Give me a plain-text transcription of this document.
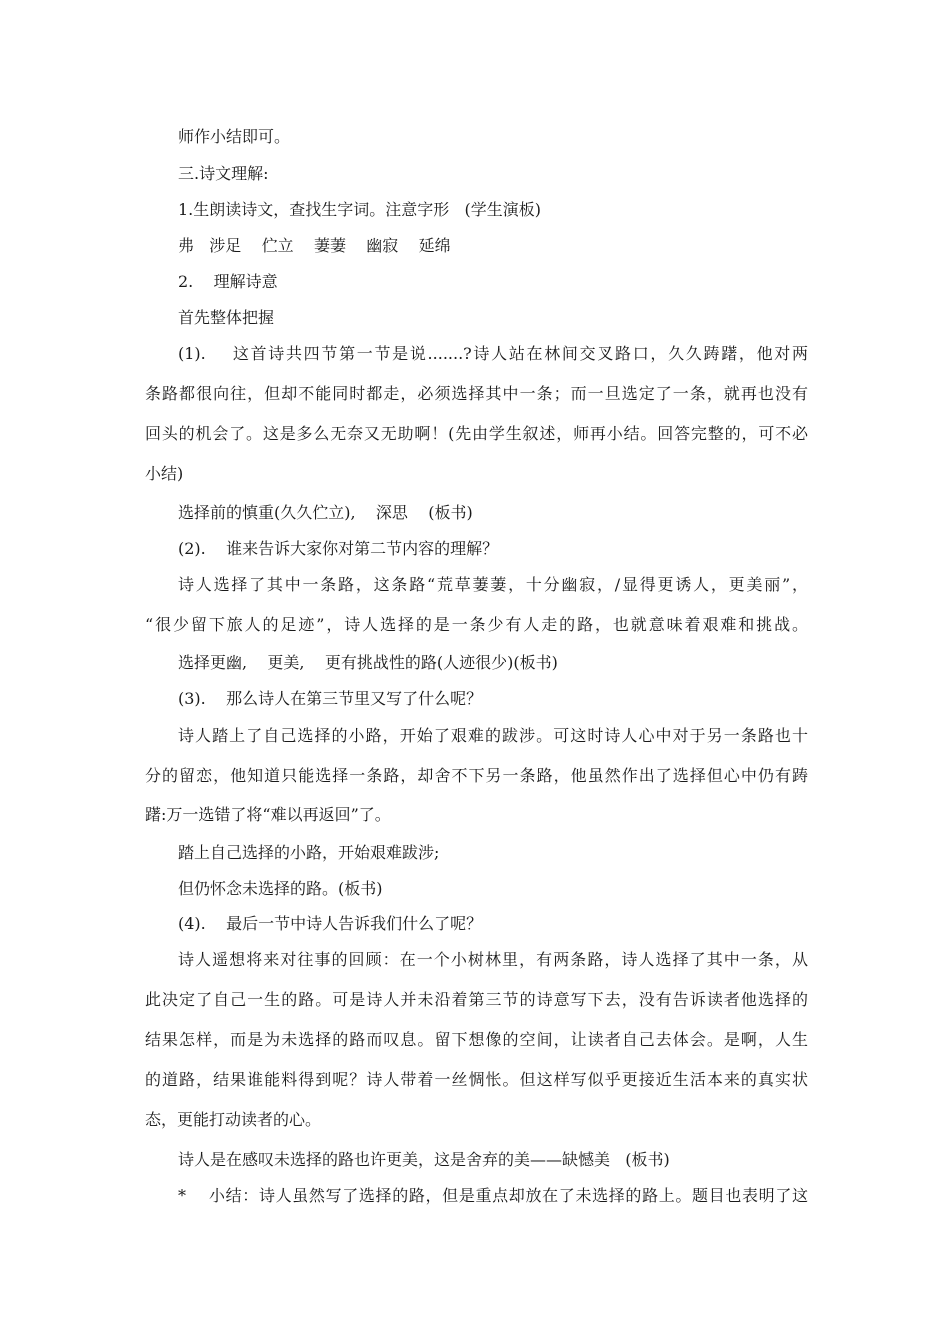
师作小结即可。
三.诗文理解:
1.生朗读诗文，查找生字词。注意字形   (学生演板)
弗   涉足    伫立    萋萋    幽寂    延绵
2.    理解诗意
首先整体把握
(1).    这首诗共四节第一节是说.......?诗人站在林间交叉路口，久久踌躇，他对两
条路都很向往，但却不能同时都走，必须选择其中一条；而一旦选定了一条，就再也没有
回头的机会了。这是多么无奈又无助啊！(先由学生叙述，师再小结。回答完整的，可不必
小结)
选择前的慎重(久久伫立),    深思    (板书)
(2).    谁来告诉大家你对第二节内容的理解？
诗人选择了其中一条路，这条路“荒草萋萋，十分幽寂，/显得更诱人，更美丽”，
“很少留下旅人的足迹”，诗人选择的是一条少有人走的路，也就意味着艰难和挑战。
选择更幽,    更美,    更有挑战性的路(人迹很少)(板书)
(3).    那么诗人在第三节里又写了什么呢？
诗人踏上了自己选择的小路，开始了艰难的跋涉。可这时诗人心中对于另一条路也十
分的留恋，他知道只能选择一条路，却舍不下另一条路，他虽然作出了选择但心中仍有踌
躇:万一选错了将“难以再返回”了。
踏上自己选择的小路，开始艰难跋涉;
但仍怀念未选择的路。(板书)
(4).    最后一节中诗人告诉我们什么了呢？
诗人遥想将来对往事的回顾：在一个小树林里，有两条路，诗人选择了其中一条，从
此决定了自己一生的路。可是诗人并未沿着第三节的诗意写下去，没有告诉读者他选择的
结果怎样，而是为未选择的路而叹息。留下想像的空间，让读者自己去体会。是啊，人生
的道路，结果谁能料得到呢？诗人带着一丝惆怅。但这样写似乎更接近生活本来的真实状
态，更能打动读者的心。
诗人是在感叹未选择的路也许更美，这是舍弃的美——缺憾美   (板书)
*    小结：诗人虽然写了选择的路，但是重点却放在了未选择的路上。题目也表明了这
